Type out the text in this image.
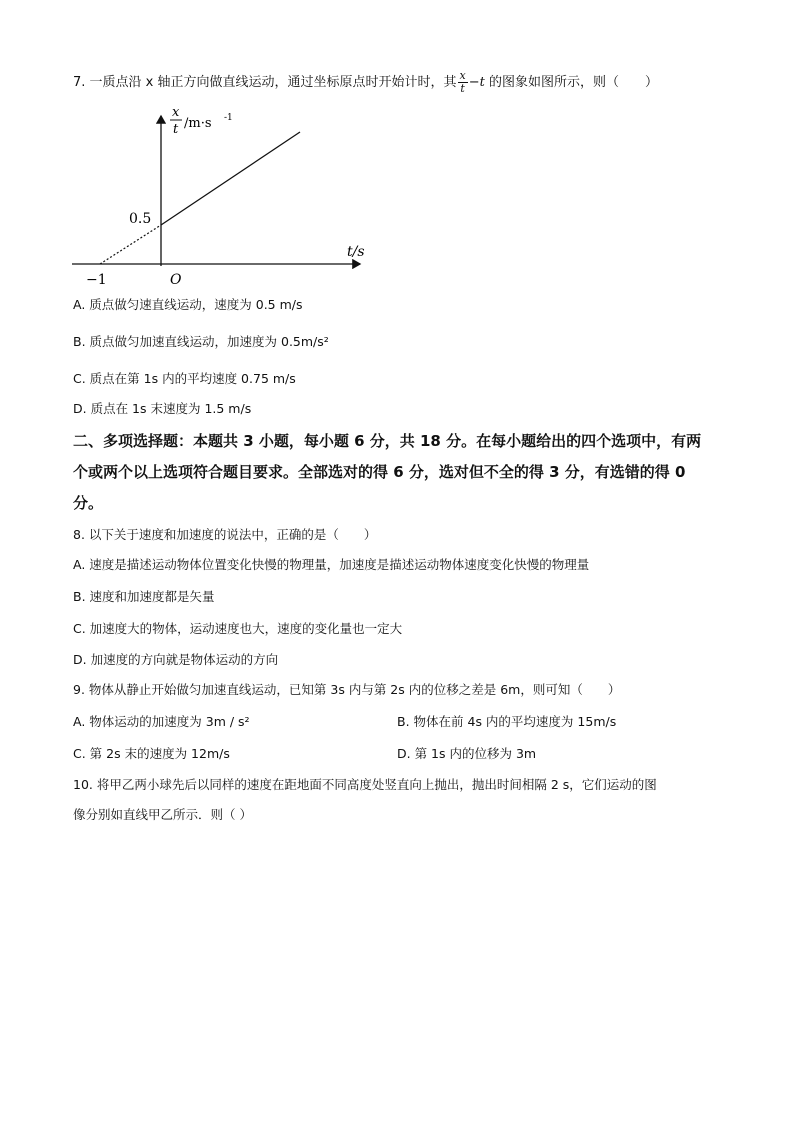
7. 一质点沿 x 轴正方向做直线运动，通过坐标原点时开始计时，其 $\frac{x}{t} -t$ 的图象如图所示，则（　　）
x
t /m·s -1
t/s
0.5
−1	O
A. 质点做匀速直线运动，速度为 0.5 m/s
B. 质点做匀加速直线运动，加速度为 0.5m/s²
C. 质点在第 1s 内的平均速度 0.75 m/s
D. 质点在 1s 末速度为 1.5 m/s
二、多项选择题：本题共 3 小题，每小题 6 分，共 18 分。在每小题给出的四个选项中，有两
个或两个以上选项符合题目要求。全部选对的得 6 分，选对但不全的得 3 分，有选错的得 0
分。
8. 以下关于速度和加速度的说法中，正确的是（　　）
A. 速度是描述运动物体位置变化快慢的物理量，加速度是描述运动物体速度变化快慢的物理量
B. 速度和加速度都是矢量
C. 加速度大的物体，运动速度也大，速度的变化量也一定大
D. 加速度的方向就是物体运动的方向
9. 物体从静止开始做匀加速直线运动，已知第 3s 内与第 2s 内的位移之差是 6m，则可知（　　）
A. 物体运动的加速度为 3m / s²	B. 物体在前 4s 内的平均速度为 15m/s
C. 第 2s 末的速度为 12m/s	D. 第 1s 内的位移为 3m
10. 将甲乙两小球先后以同样的速度在距地面不同高度处竖直向上抛出，抛出时间相隔 2 s，它们运动的图
像分别如直线甲乙所示．则（ ）
